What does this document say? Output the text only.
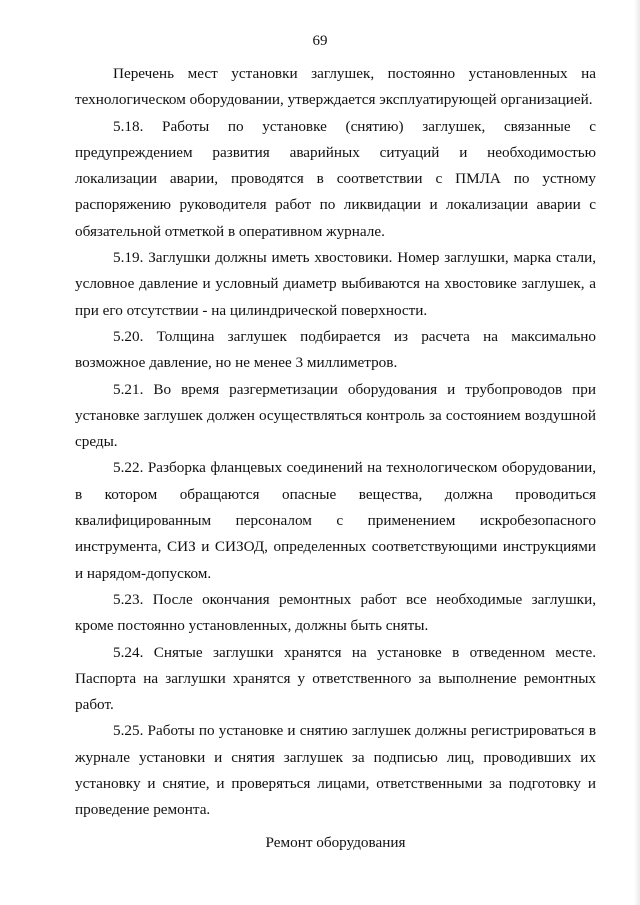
69

Перечень мест установки заглушек, постоянно установленных на технологическом оборудовании, утверждается эксплуатирующей организацией.

5.18. Работы по установке (снятию) заглушек, связанные с предупреждением развития аварийных ситуаций и необходимостью локализации аварии, проводятся в соответствии с ПМЛА по устному распоряжению руководителя работ по ликвидации и локализации аварии с обязательной отметкой в оперативном журнале.

5.19. Заглушки должны иметь хвостовики. Номер заглушки, марка стали, условное давление и условный диаметр выбиваются на хвостовике заглушек, а при его отсутствии - на цилиндрической поверхности.

5.20. Толщина заглушек подбирается из расчета на максимально возможное давление, но не менее 3 миллиметров.

5.21. Во время разгерметизации оборудования и трубопроводов при установке заглушек должен осуществляться контроль за состоянием воздушной среды.

5.22. Разборка фланцевых соединений на технологическом оборудовании, в котором обращаются опасные вещества, должна проводиться квалифицированным персоналом с применением искробезопасного инструмента, СИЗ и СИЗОД, определенных соответствующими инструкциями и нарядом-допуском.

5.23. После окончания ремонтных работ все необходимые заглушки, кроме постоянно установленных, должны быть сняты.

5.24. Снятые заглушки хранятся на установке в отведенном месте. Паспорта на заглушки хранятся у ответственного за выполнение ремонтных работ.

5.25. Работы по установке и снятию заглушек должны регистрироваться в журнале установки и снятия заглушек за подписью лиц, проводивших их установку и снятие, и проверяться лицами, ответственными за подготовку и проведение ремонта.

Ремонт оборудования
